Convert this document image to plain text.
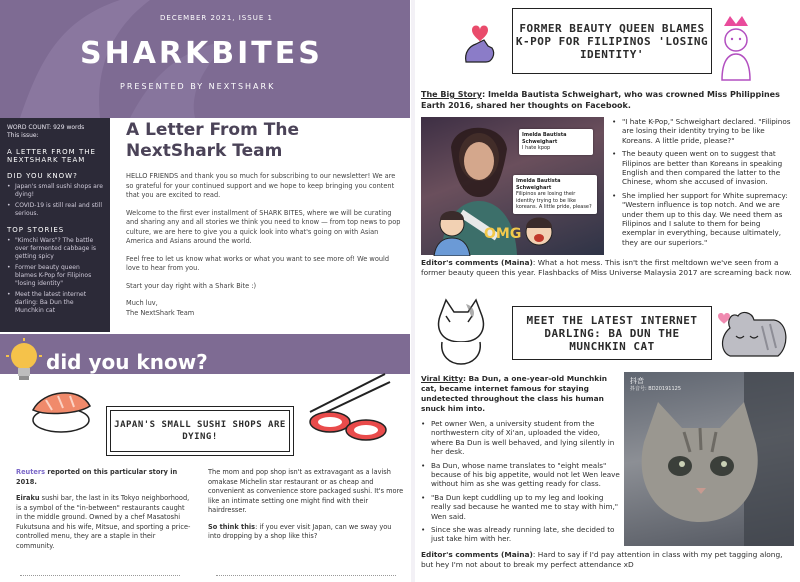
DECEMBER 2021, ISSUE 1
SHARKBITES
PRESENTED BY NEXTSHARK
WORD COUNT: 929 words
This issue:
A LETTER FROM THE NEXTSHARK TEAM
DID YOU KNOW?
• Japan's small sushi shops are dying!
• COVID-19 is still real and still serious.
TOP STORIES
• "Kimchi Wars"? The battle over fermented cabbage is getting spicy
• Former beauty queen blames K-Pop for Filipinos "losing identity"
• Meet the latest internet darling: Ba Dun the Munchkin cat
A Letter From The NextShark Team

HELLO FRIENDS and thank you so much for subscribing to our newsletter! We are so grateful for your continued support and we hope to keep bringing you content that you are excited to read.

Welcome to the first ever installment of SHARK BITES, where we will be curating and sharing any and all stories we think you need to know — from top news to pop culture, we are here to give you a quick look into what's going on with Asian America and Asians around the world.

Feel free to let us know what works or what you want to see more of! We would love to hear from you.

Start your day right with a Shark Bite :)

Much luv,
The NextShark Team

did you know?
JAPAN'S SMALL SUSHI SHOPS ARE DYING!

Reuters reported on this particular story in 2018.

Eiraku sushi bar, the last in its Tokyo neighborhood, is a symbol of the "in-between" restaurants caught in the middle ground. Owned by a chef Masatoshi Fukutsuna and his wife, Mitsue, and sporting a price-controlled menu, they are a staple in their community.

The mom and pop shop isn't as extravagant as a lavish omakase Michelin star restaurant or as cheap and convenient as convenience store packaged sushi. It's more like an intimate setting one might find with their hairdresser.

So think this: if you ever visit Japan, can we sway you into dropping by a shop like this?

FORMER BEAUTY QUEEN BLAMES K-POP FOR FILIPINOS 'LOSING IDENTITY'
The Big Story: Imelda Bautista Schweighart, who was crowned Miss Philippines Earth 2016, shared her thoughts on Facebook.
Imelda Bautista Schweighart
I hate kpop
Imelda Bautista Schweighart
Filipinos are losing their identity trying to be like koreans. A little pride, please?
OMG
• "I hate K-Pop," Schweighart declared. "Filipinos are losing their identity trying to be like Koreans. A little pride, please?"
• The beauty queen went on to suggest that Filipinos are better than Koreans in speaking English and then compared the latter to the Chinese, whom she accused of invasion.
• She implied her support for White supremacy: "Western influence is top notch. And we are under them up to this day. We need them as Filipinos and I salute to them for being exemplar in everything, because ultimately, they are our superiors."
Editor's comments (Maina): What a hot mess. This isn't the first meltdown we've seen from a former beauty queen this year. Flashbacks of Miss Universe Malaysia 2017 are screaming back now.
MEET THE LATEST INTERNET DARLING: BA DUN THE MUNCHKIN CAT
Viral Kitty: Ba Dun, a one-year-old Munchkin cat, became internet famous for staying undetected throughout the class his human snuck him into.
• Pet owner Wen, a university student from the northwestern city of Xi'an, uploaded the video, where Ba Dun is well behaved, and lying silently in her desk.
• Ba Dun, whose name translates to "eight meals" because of his big appetite, would not let Wen leave without him as she was getting ready for class.
• "Ba Dun kept cuddling up to my leg and looking really sad because he wanted me to stay with him," Wen said.
• Since she was already running late, she decided to just take him with her.
抖音
抖音号: BD20191125
Editor's comments (Maina): Hard to say if I'd pay attention in class with my pet tagging along, but hey I'm not about to break my perfect attendance xD
